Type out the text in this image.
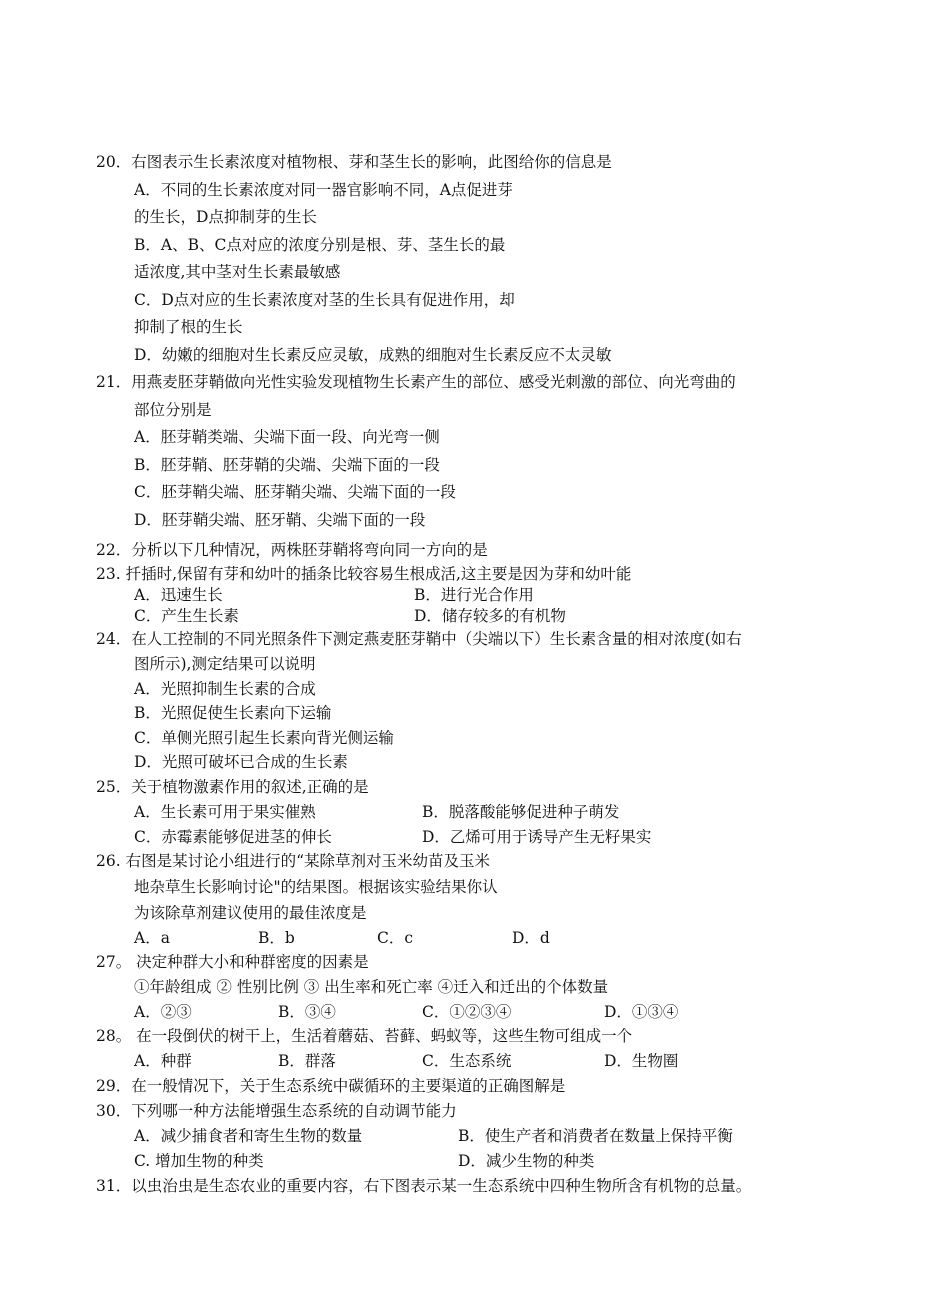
20．右图表示生长素浓度对植物根、芽和茎生长的影响，此图给你的信息是
A．不同的生长素浓度对同一器官影响不同，A点促进芽
的生长，D点抑制芽的生长
B．A、B、C点对应的浓度分别是根、芽、茎生长的最
适浓度,其中茎对生长素最敏感
C．D点对应的生长素浓度对茎的生长具有促进作用，却
抑制了根的生长
D．幼嫩的细胞对生长素反应灵敏，成熟的细胞对生长素反应不太灵敏
21．用燕麦胚芽鞘做向光性实验发现植物生长素产生的部位、感受光刺激的部位、向光弯曲的
部位分别是
A．胚芽鞘类端、尖端下面一段、向光弯一侧
B．胚芽鞘、胚芽鞘的尖端、尖端下面的一段
C．胚芽鞘尖端、胚芽鞘尖端、尖端下面的一段
D．胚芽鞘尖端、胚牙鞘、尖端下面的一段
22．分析以下几种情况，两株胚芽鞘将弯向同一方向的是
23. 扦插时,保留有芽和幼叶的插条比较容易生根成活,这主要是因为芽和幼叶能
A．迅速生长	B．进行光合作用
C．产生生长素	D．储存较多的有机物
24．在人工控制的不同光照条件下测定燕麦胚芽鞘中（尖端以下）生长素含量的相对浓度(如右
图所示),测定结果可以说明
A．光照抑制生长素的合成
B．光照促使生长素向下运输
C．单侧光照引起生长素向背光侧运输
D．光照可破坏已合成的生长素
25．关于植物激素作用的叙述,正确的是
A．生长素可用于果实催熟	B．脱落酸能够促进种子萌发
C．赤霉素能够促进茎的伸长	D．乙烯可用于诱导产生无籽果实
26. 右图是某讨论小组进行的“某除草剂对玉米幼苗及玉米
地杂草生长影响讨论"的结果图。根据该实验结果你认
为该除草剂建议使用的最佳浓度是
A．a	B．b	C．c	D．d
27。 决定种群大小和种群密度的因素是
①年龄组成 ② 性别比例 ③ 出生率和死亡率 ④迁入和迁出的个体数量
A．②③	B．③④	C．①②③④	D．①③④
28。 在一段倒伏的树干上，生活着蘑菇、苔藓、蚂蚁等，这些生物可组成一个
A．种群	B．群落	C．生态系统	D．生物圈
29．在一般情况下，关于生态系统中碳循环的主要渠道的正确图解是
30．下列哪一种方法能增强生态系统的自动调节能力
A．减少捕食者和寄生生物的数量	B．使生产者和消费者在数量上保持平衡
C. 增加生物的种类	D．减少生物的种类
31．以虫治虫是生态农业的重要内容，右下图表示某一生态系统中四种生物所含有机物的总量。
